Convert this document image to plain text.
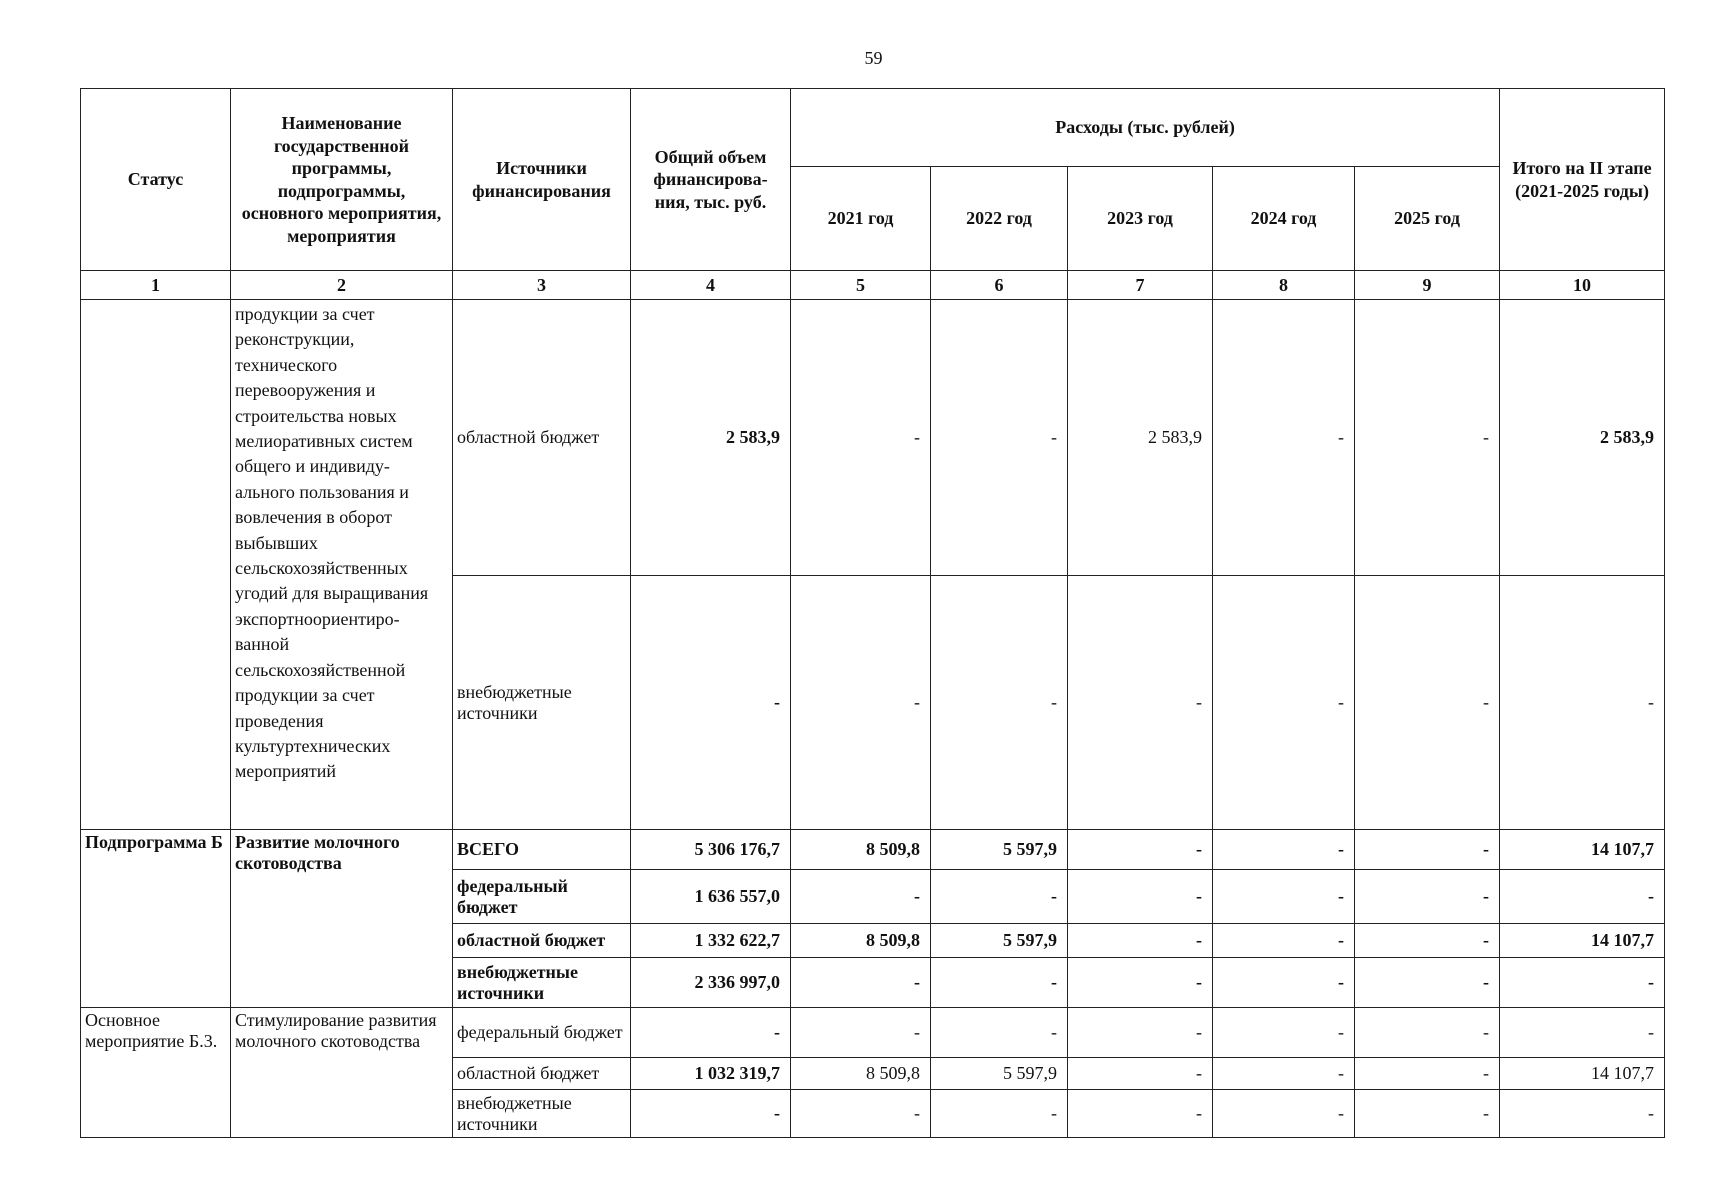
59
Статус	Наименование государственной программы, подпрограммы, основного мероприятия, мероприятия	Источники финансирования	Общий объем финансирова- ния, тыс. руб.	Расходы (тыс. рублей)					Итого на II этапе (2021-2025 годы)
				2021 год	2022 год	2023 год	2024 год	2025 год	
1	2	3	4	5	6	7	8	9	10
	продукции за счет реконструкции, технического перевооружения и строительства новых мелиоративных систем общего и индивиду- ального пользования и вовлечения в оборот выбывших сельскохозяйственных угодий для выращивания экспортноориентиро- ванной сельскохозяйственной продукции за счет проведения культуртехнических мероприятий	областной бюджет	2 583,9	-	-	2 583,9	-	-	2 583,9
		внебюджетные источники	-	-	-	-	-	-	-
Подпрограмма Б	Развитие молочного скотоводства	ВСЕГО	5 306 176,7	8 509,8	5 597,9	-	-	-	14 107,7
		федеральный бюджет	1 636 557,0	-	-	-	-	-	-
		областной бюджет	1 332 622,7	8 509,8	5 597,9	-	-	-	14 107,7
		внебюджетные источники	2 336 997,0	-	-	-	-	-	-
Основное мероприятие Б.3.	Стимулирование развития молочного скотоводства	федеральный бюджет	-	-	-	-	-	-	-
		областной бюджет	1 032 319,7	8 509,8	5 597,9	-	-	-	14 107,7
		внебюджетные источники	-	-	-	-	-	-	-
